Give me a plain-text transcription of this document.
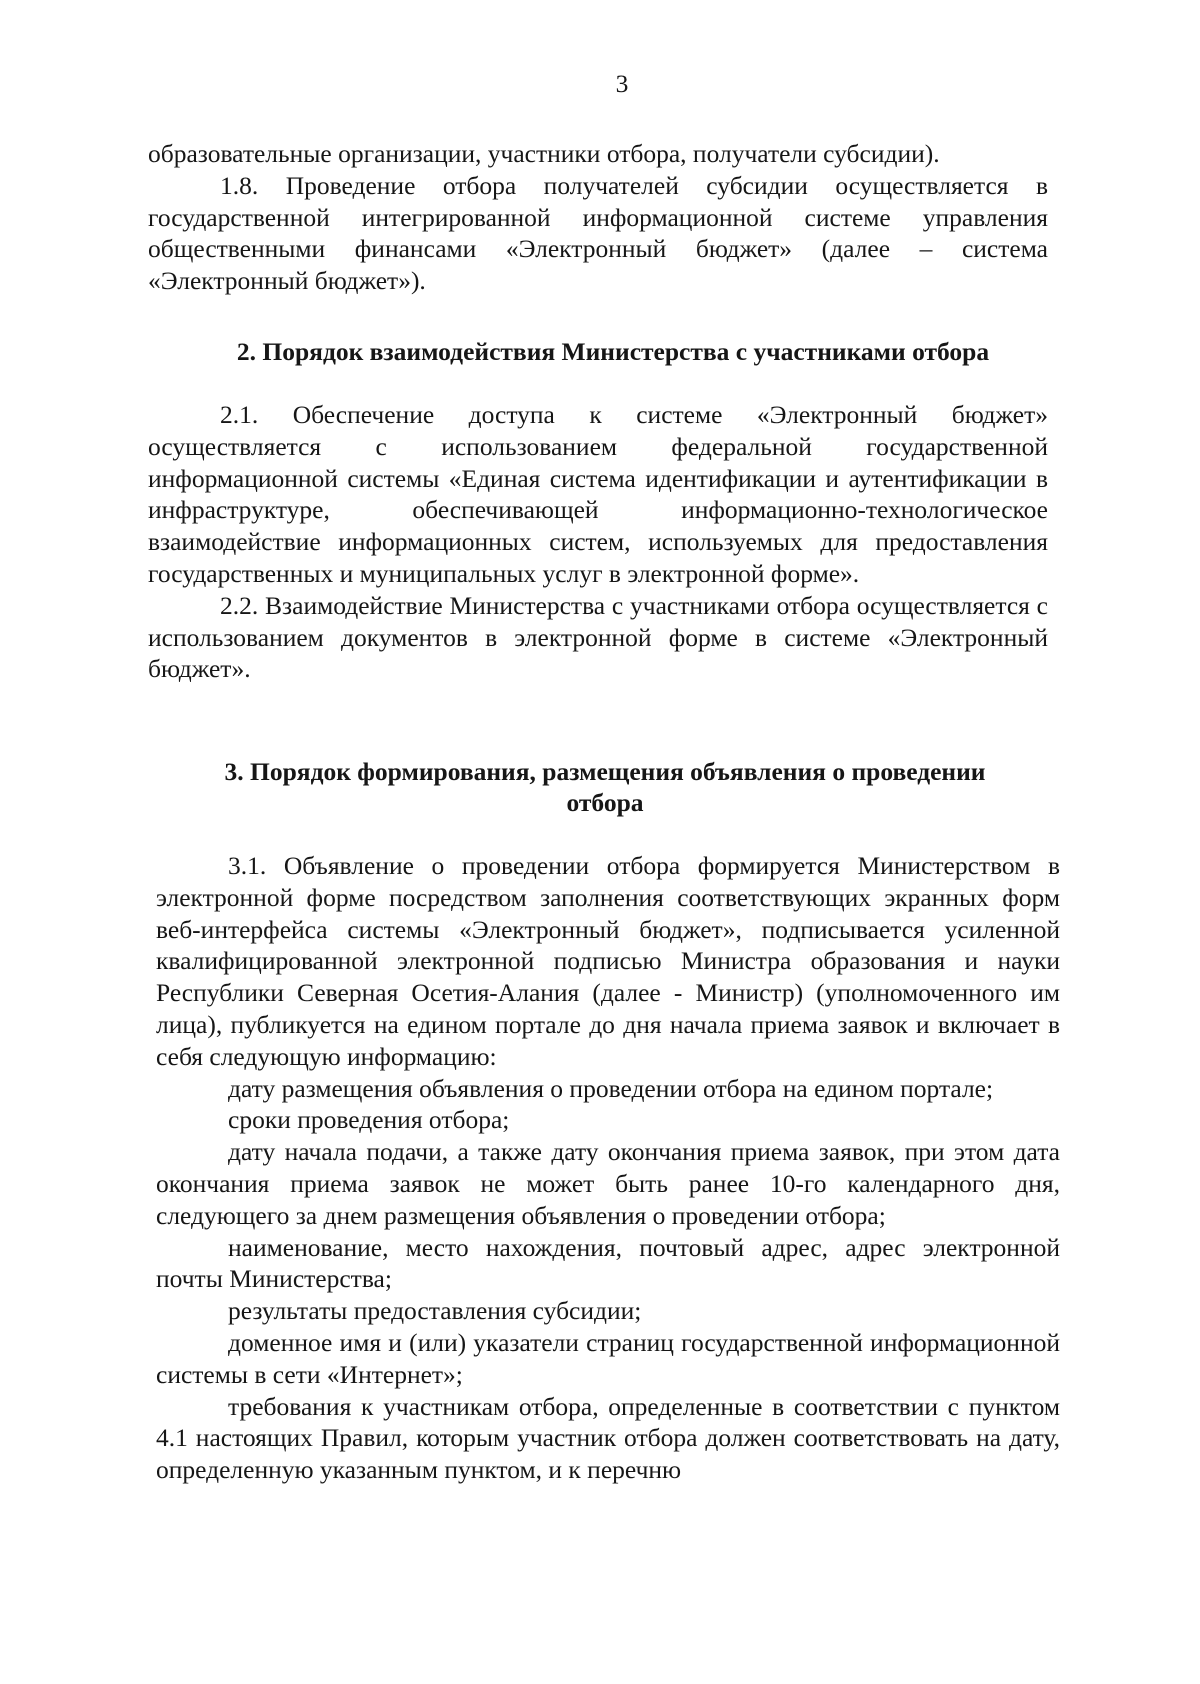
3

образовательные организации, участники отбора, получатели субсидии).

1.8. Проведение отбора получателей субсидии осуществляется в государственной интегрированной информационной системе управления общественными финансами «Электронный бюджет» (далее – система «Электронный бюджет»).

2. Порядок взаимодействия Министерства с участниками отбора

2.1. Обеспечение доступа к системе «Электронный бюджет» осуществляется с использованием федеральной государственной информационной системы «Единая система идентификации и аутентификации в инфраструктуре, обеспечивающей информационно-технологическое взаимодействие информационных систем, используемых для предоставления государственных и муниципальных услуг в электронной форме».

2.2. Взаимодействие Министерства с участниками отбора осуществляется с использованием документов в электронной форме в системе «Электронный бюджет».

3. Порядок формирования, размещения объявления о проведении
отбора

3.1. Объявление о проведении отбора формируется Министерством в электронной форме посредством заполнения соответствующих экранных форм веб-интерфейса системы «Электронный бюджет», подписывается усиленной квалифицированной электронной подписью Министра образования и науки Республики Северная Осетия-Алания (далее - Министр) (уполномоченного им лица), публикуется на едином портале до дня начала приема заявок и включает в себя следующую информацию:

дату размещения объявления о проведении отбора на едином портале;

сроки проведения отбора;

дату начала подачи, а также дату окончания приема заявок, при этом дата окончания приема заявок не может быть ранее 10-го календарного дня, следующего за днем размещения объявления о проведении отбора;

наименование, место нахождения, почтовый адрес, адрес электронной почты Министерства;

результаты предоставления субсидии;

доменное имя и (или) указатели страниц государственной информационной системы в сети «Интернет»;

требования к участникам отбора, определенные в соответствии с пунктом 4.1 настоящих Правил, которым участник отбора должен соответствовать на дату, определенную указанным пунктом, и к перечню
